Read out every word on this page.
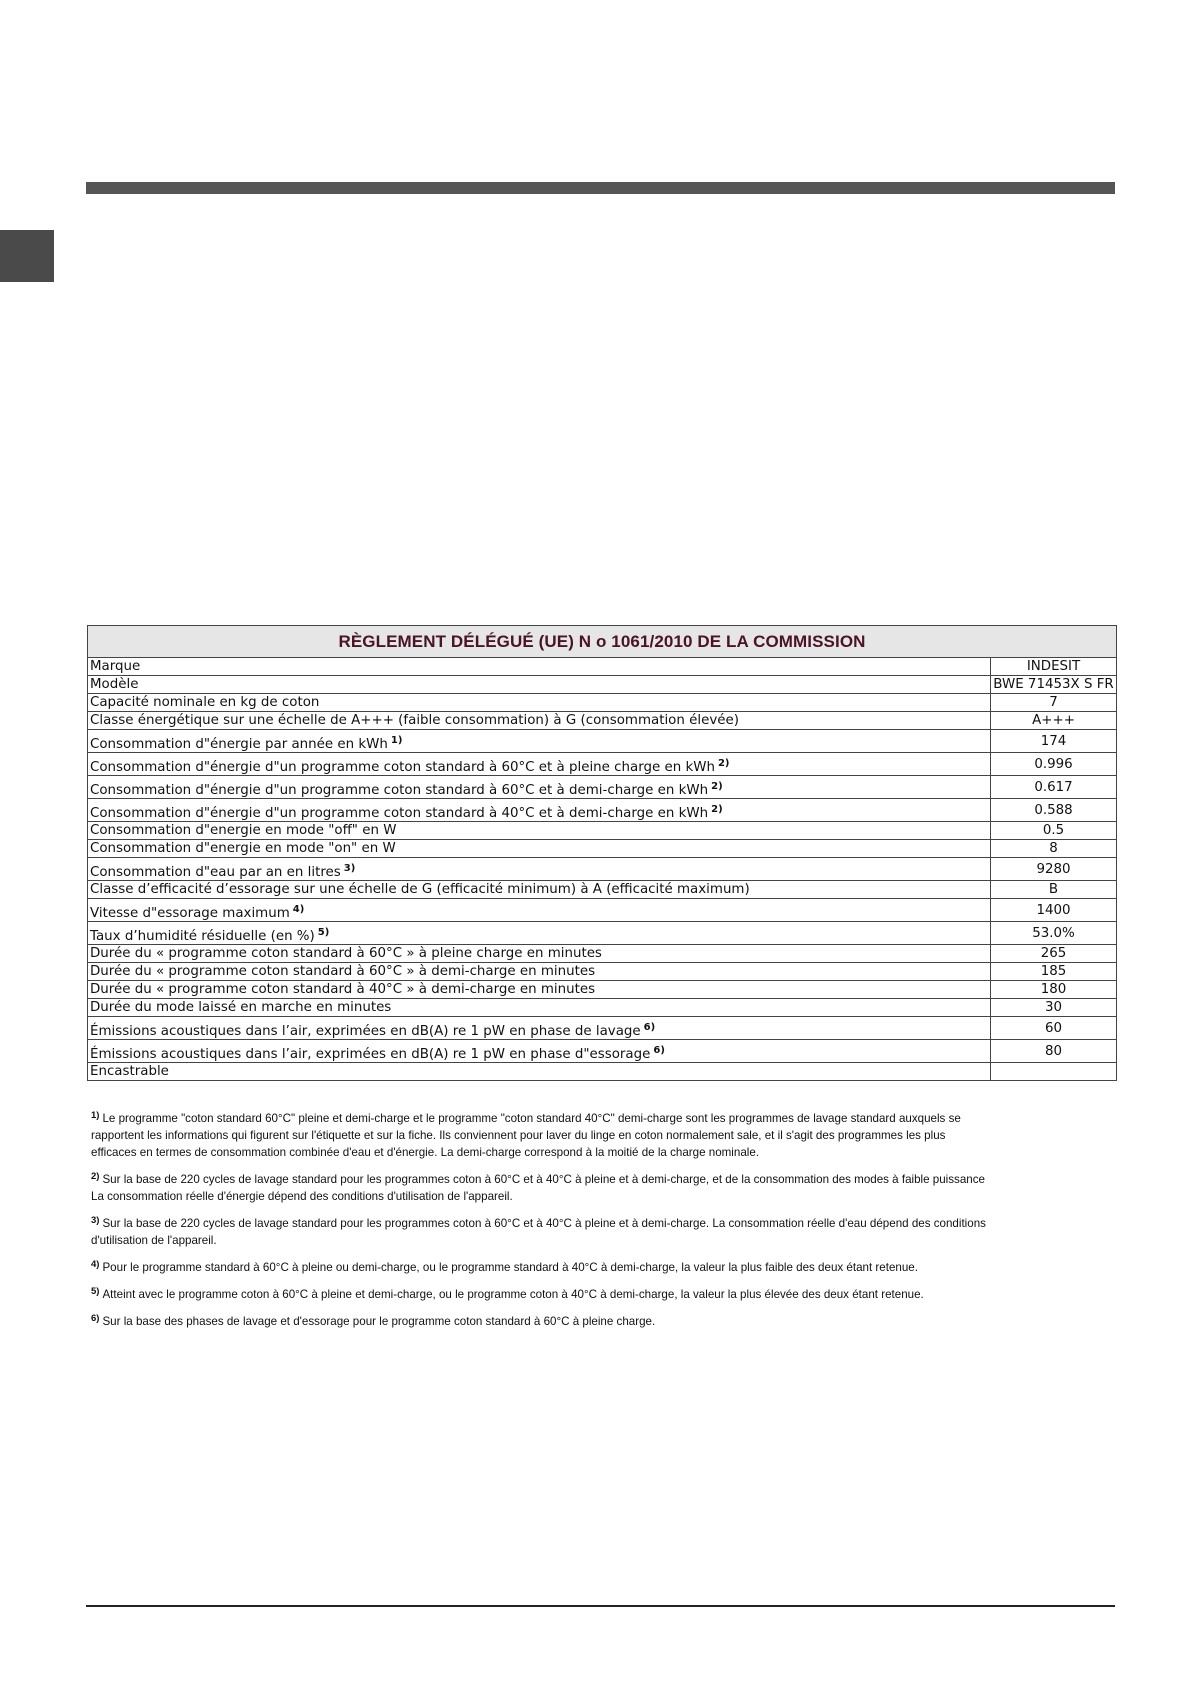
RÈGLEMENT DÉLÉGUÉ (UE) N o 1061/2010 DE LA COMMISSION	
Marque	INDESIT
Modèle	BWE 71453X S FR
Capacité nominale en kg de coton	7
Classe énergétique sur une échelle de A+++ (faible consommation) à G (consommation élevée)	A+++
Consommation d"énergie par année en kWh $^{1)}$	174
Consommation d"énergie d"un programme coton standard à 60°C et à pleine charge en kWh $^{2)}$	0.996
Consommation d"énergie d"un programme coton standard à 60°C et à demi-charge en kWh $^{2)}$	0.617
Consommation d"énergie d"un programme coton standard à 40°C et à demi-charge en kWh $^{2)}$	0.588
Consommation d"energie en mode "off" en W	0.5
Consommation d"energie en mode "on" en W	8
Consommation d"eau par an en litres $^{3)}$	9280
Classe d’efficacité d’essorage sur une échelle de G (efficacité minimum) à A (efficacité maximum)	B
Vitesse d"essorage maximum $^{4)}$	1400
Taux d’humidité résiduelle (en %) $^{5)}$	53.0%
Durée du « programme coton standard à 60°C » à pleine charge en minutes	265
Durée du « programme coton standard à 60°C » à demi-charge en minutes	185
Durée du « programme coton standard à 40°C » à demi-charge en minutes	180
Durée du mode laissé en marche en minutes	30
Émissions acoustiques dans l’air, exprimées en dB(A) re 1 pW en phase de lavage $^{6)}$	60
Émissions acoustiques dans l’air, exprimées en dB(A) re 1 pW en phase d"essorage $^{6)}$	80
Encastrable	
$^{1)}$ Le programme "coton standard 60°C" pleine et demi-charge et le programme "coton standard 40°C" demi-charge sont les programmes de lavage standard auxquels se
rapportent les informations qui figurent sur l'étiquette et sur la fiche. Ils conviennent pour laver du linge en coton normalement sale, et il s'agit des programmes les plus
efficaces en termes de consommation combinée d'eau et d'énergie. La demi-charge correspond à la moitié de la charge nominale.
$^{2)}$ Sur la base de 220 cycles de lavage standard pour les programmes coton à 60°C et à 40°C à pleine et à demi-charge, et de la consommation des modes à faible puissance
La consommation réelle d'énergie dépend des conditions d'utilisation de l'appareil.
$^{3)}$ Sur la base de 220 cycles de lavage standard pour les programmes coton à 60°C et à 40°C à pleine et à demi-charge. La consommation réelle d'eau dépend des conditions
d'utilisation de l'appareil.
$^{4)}$ Pour le programme standard à 60°C à pleine ou demi-charge, ou le programme standard à 40°C à demi-charge, la valeur la plus faible des deux étant retenue.
$^{5)}$ Atteint avec le programme coton à 60°C à pleine et demi-charge, ou le programme coton à 40°C à demi-charge, la valeur la plus élevée des deux étant retenue.
$^{6)}$ Sur la base des phases de lavage et d'essorage pour le programme coton standard à 60°C à pleine charge.
